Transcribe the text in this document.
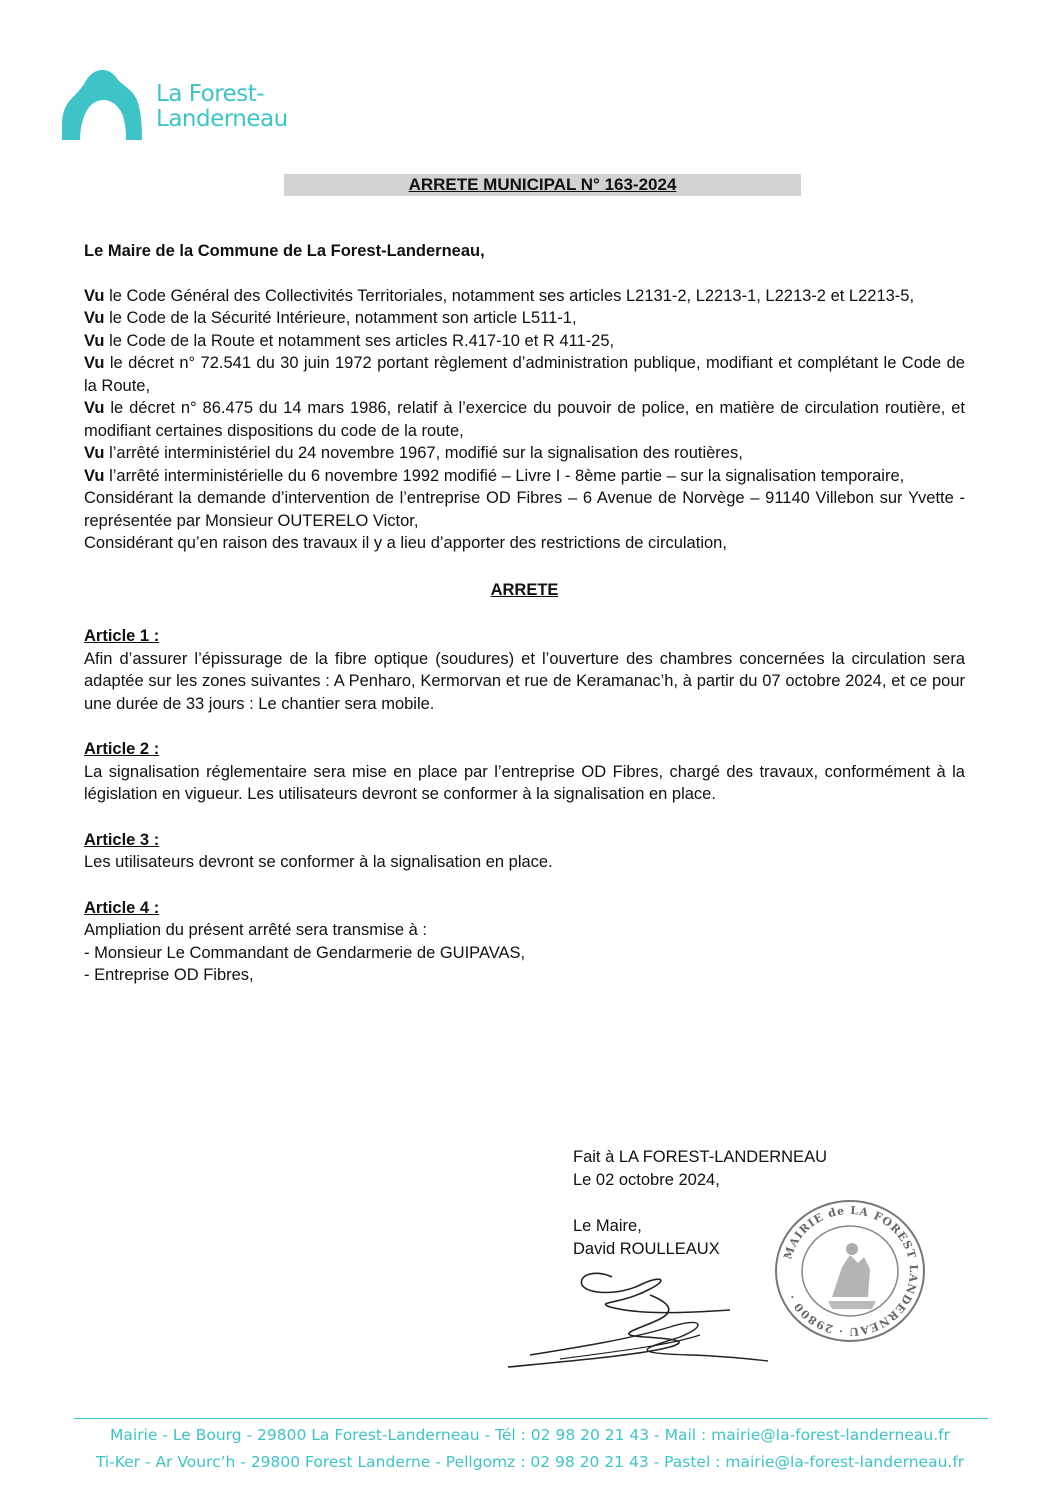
La Forest-
Landerneau
ARRETE MUNICIPAL N° 163-2024
Le Maire de la Commune de La Forest-Landerneau,

Vu le Code Général des Collectivités Territoriales, notamment ses articles L2131-2, L2213-1, L2213-2 et L2213-5,

Vu le Code de la Sécurité Intérieure, notamment son article L511-1,

Vu le Code de la Route et notamment ses articles R.417-10 et R 411-25,

Vu le décret n° 72.541 du 30 juin 1972 portant règlement d’administration publique, modifiant et complétant le Code de la Route,

Vu le décret n° 86.475 du 14 mars 1986, relatif à l’exercice du pouvoir de police, en matière de circulation routière, et modifiant certaines dispositions du code de la route,

Vu l’arrêté interministériel du 24 novembre 1967, modifié sur la signalisation des routières,

Vu l’arrêté interministérielle du 6 novembre 1992 modifié – Livre I - 8ème partie – sur la signalisation temporaire,

Considérant la demande d’intervention de l’entreprise OD Fibres – 6 Avenue de Norvège – 91140 Villebon sur Yvette - représentée par Monsieur OUTERELO Victor,

Considérant qu’en raison des travaux il y a lieu d’apporter des restrictions de circulation,

ARRETE
Article 1 :
Afin d’assurer l’épissurage de la fibre optique (soudures) et l’ouverture des chambres concernées la circulation sera adaptée sur les zones suivantes : A Penharo, Kermorvan et rue de Keramanac’h, à partir du 07 octobre 2024, et ce pour une durée de 33 jours : Le chantier sera mobile.
Article 2 :
La signalisation réglementaire sera mise en place par l’entreprise OD Fibres, chargé des travaux, conformément à la législation en vigueur. Les utilisateurs devront se conformer à la signalisation en place.
Article 3 :
Les utilisateurs devront se conformer à la signalisation en place.
Article 4 :
Ampliation du présent arrêté sera transmise à :
- Monsieur Le Commandant de Gendarmerie de GUIPAVAS,
- Entreprise OD Fibres,
Fait à LA FOREST-LANDERNEAU
Le 02 octobre 2024,
Le Maire,
David ROULLEAUX	MAIRIE de LA FOREST LANDERNEAU · 29800 ·
Mairie - Le Bourg - 29800 La Forest-Landerneau - Tél : 02 98 20 21 43 - Mail : mairie@la-forest-landerneau.fr
Ti-Ker - Ar Vourc’h - 29800 Forest Landerne - Pellgomz : 02 98 20 21 43 - Pastel : mairie@la-forest-landerneau.fr
